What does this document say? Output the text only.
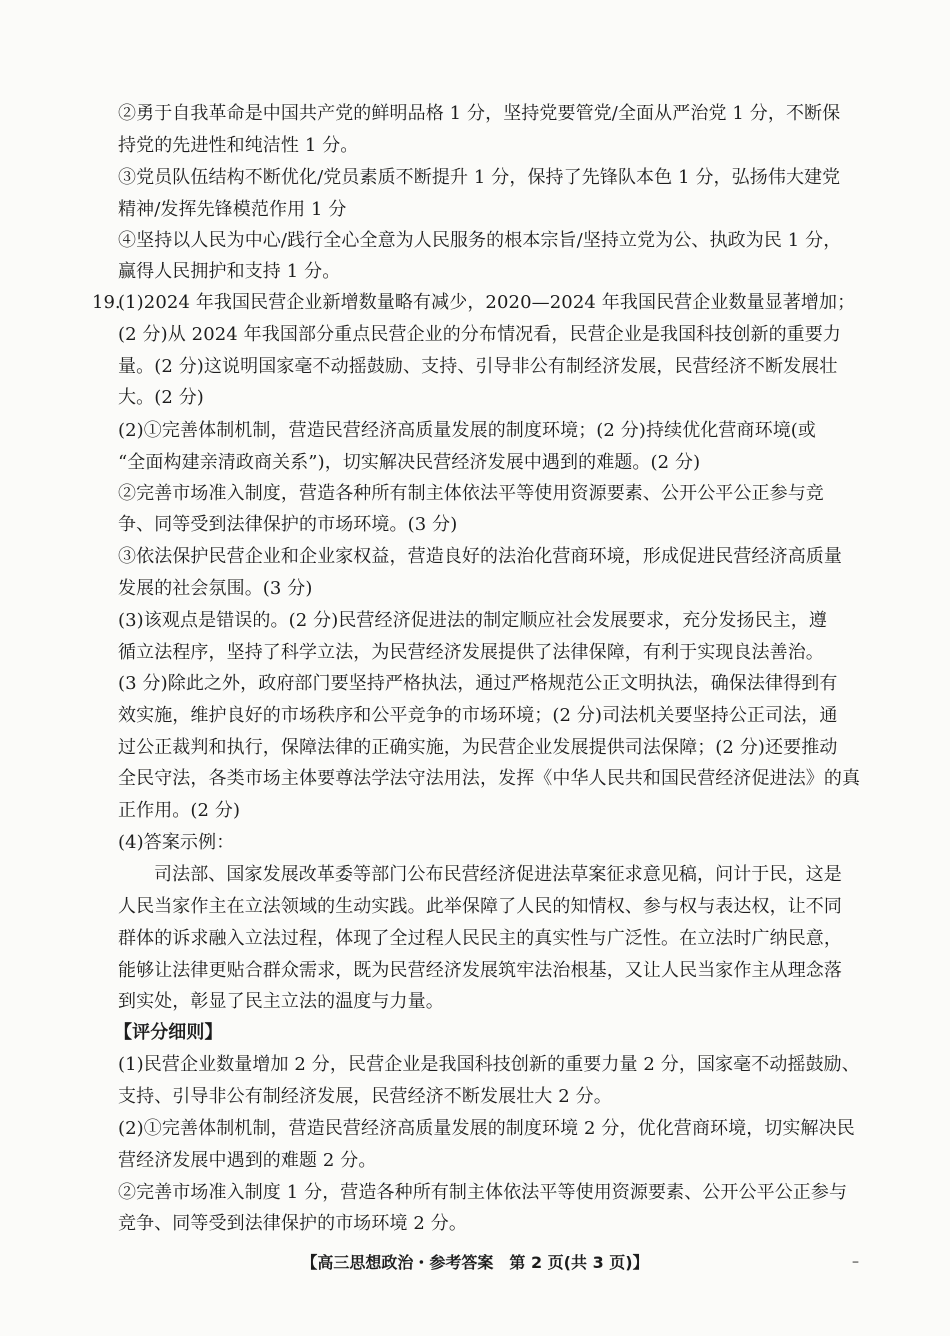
19.
②勇于自我革命是中国共产党的鲜明品格 1 分，坚持党要管党/全面从严治党 1 分，不断保
持党的先进性和纯洁性 1 分。
③党员队伍结构不断优化/党员素质不断提升 1 分，保持了先锋队本色 1 分，弘扬伟大建党
精神/发挥先锋模范作用 1 分
④坚持以人民为中心/践行全心全意为人民服务的根本宗旨/坚持立党为公、执政为民 1 分，
赢得人民拥护和支持 1 分。
(1)2024 年我国民营企业新增数量略有减少，2020—2024 年我国民营企业数量显著增加；
(2 分)从 2024 年我国部分重点民营企业的分布情况看，民营企业是我国科技创新的重要力
量。(2 分)这说明国家毫不动摇鼓励、支持、引导非公有制经济发展，民营经济不断发展壮
大。(2 分)
(2)①完善体制机制，营造民营经济高质量发展的制度环境；(2 分)持续优化营商环境(或
“全面构建亲清政商关系”)，切实解决民营经济发展中遇到的难题。(2 分)
②完善市场准入制度，营造各种所有制主体依法平等使用资源要素、公开公平公正参与竞
争、同等受到法律保护的市场环境。(3 分)
③依法保护民营企业和企业家权益，营造良好的法治化营商环境，形成促进民营经济高质量
发展的社会氛围。(3 分)
(3)该观点是错误的。(2 分)民营经济促进法的制定顺应社会发展要求，充分发扬民主，遵
循立法程序，坚持了科学立法，为民营经济发展提供了法律保障，有利于实现良法善治。
(3 分)除此之外，政府部门要坚持严格执法，通过严格规范公正文明执法，确保法律得到有
效实施，维护良好的市场秩序和公平竞争的市场环境；(2 分)司法机关要坚持公正司法，通
过公正裁判和执行，保障法律的正确实施，为民营企业发展提供司法保障；(2 分)还要推动
全民守法，各类市场主体要尊法学法守法用法，发挥《中华人民共和国民营经济促进法》的真
正作用。(2 分)
(4)答案示例：
司法部、国家发展改革委等部门公布民营经济促进法草案征求意见稿，问计于民，这是
人民当家作主在立法领域的生动实践。此举保障了人民的知情权、参与权与表达权，让不同
群体的诉求融入立法过程，体现了全过程人民民主的真实性与广泛性。在立法时广纳民意，
能够让法律更贴合群众需求，既为民营经济发展筑牢法治根基，又让人民当家作主从理念落
到实处，彰显了民主立法的温度与力量。
【评分细则】
(1)民营企业数量增加 2 分，民营企业是我国科技创新的重要力量 2 分，国家毫不动摇鼓励、
支持、引导非公有制经济发展，民营经济不断发展壮大 2 分。
(2)①完善体制机制，营造民营经济高质量发展的制度环境 2 分，优化营商环境，切实解决民
营经济发展中遇到的难题 2 分。
②完善市场准入制度 1 分，营造各种所有制主体依法平等使用资源要素、公开公平公正参与
竞争、同等受到法律保护的市场环境 2 分。
【高三思想政治・参考答案　第 2 页(共 3 页)】	–
